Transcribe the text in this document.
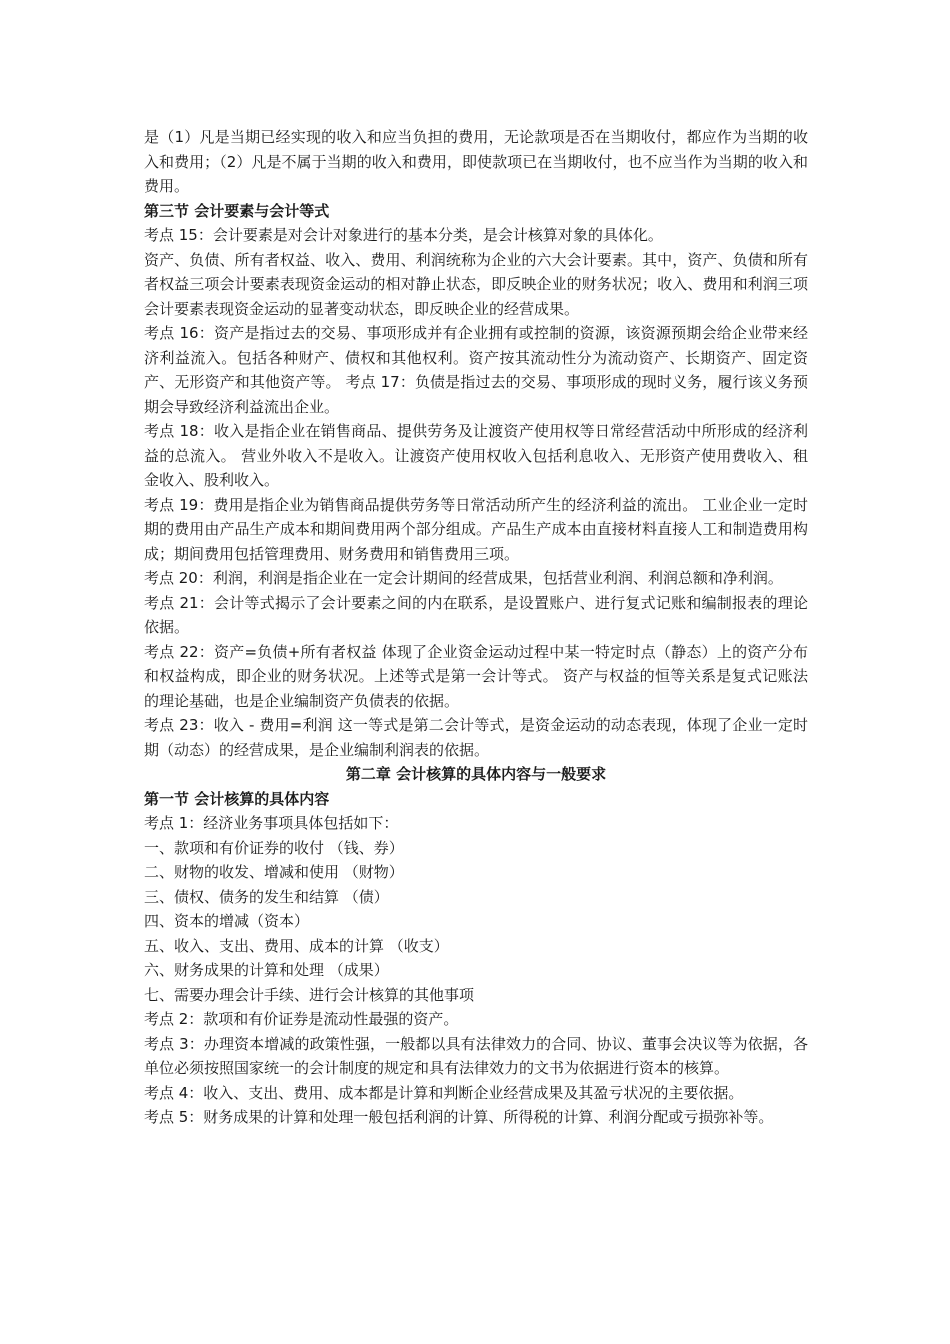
是（1）凡是当期已经实现的收入和应当负担的费用，无论款项是否在当期收付，都应作为当期的收入和费用；（2）凡是不属于当期的收入和费用，即使款项已在当期收付，也不应当作为当期的收入和费用。

第三节 会计要素与会计等式

考点 15：会计要素是对会计对象进行的基本分类，是会计核算对象的具体化。

资产、负债、所有者权益、收入、费用、利润统称为企业的六大会计要素。其中，资产、负债和所有者权益三项会计要素表现资金运动的相对静止状态，即反映企业的财务状况；收入、费用和利润三项会计要素表现资金运动的显著变动状态，即反映企业的经营成果。

考点 16：资产是指过去的交易、事项形成并有企业拥有或控制的资源，该资源预期会给企业带来经济利益流入。包括各种财产、债权和其他权利。资产按其流动性分为流动资产、长期资产、固定资产、无形资产和其他资产等。 考点 17：负债是指过去的交易、事项形成的现时义务，履行该义务预期会导致经济利益流出企业。

考点 18：收入是指企业在销售商品、提供劳务及让渡资产使用权等日常经营活动中所形成的经济利益的总流入。 营业外收入不是收入。让渡资产使用权收入包括利息收入、无形资产使用费收入、租金收入、股利收入。

考点 19：费用是指企业为销售商品提供劳务等日常活动所产生的经济利益的流出。 工业企业一定时期的费用由产品生产成本和期间费用两个部分组成。产品生产成本由直接材料直接人工和制造费用构成；期间费用包括管理费用、财务费用和销售费用三项。

考点 20：利润，利润是指企业在一定会计期间的经营成果，包括营业利润、利润总额和净利润。

考点 21：会计等式揭示了会计要素之间的内在联系，是设置账户、进行复式记账和编制报表的理论依据。

考点 22：资产=负债+所有者权益 体现了企业资金运动过程中某一特定时点（静态）上的资产分布和权益构成，即企业的财务状况。上述等式是第一会计等式。 资产与权益的恒等关系是复式记账法的理论基础，也是企业编制资产负债表的依据。

考点 23：收入 - 费用=利润 这一等式是第二会计等式，是资金运动的动态表现，体现了企业一定时期（动态）的经营成果，是企业编制利润表的依据。

第二章 会计核算的具体内容与一般要求

第一节 会计核算的具体内容

考点 1：经济业务事项具体包括如下：

一、款项和有价证券的收付 （钱、券）

二、财物的收发、增减和使用 （财物）

三、债权、债务的发生和结算 （债）

四、资本的增减（资本）

五、收入、支出、费用、成本的计算 （收支）

六、财务成果的计算和处理 （成果）

七、需要办理会计手续、进行会计核算的其他事项

考点 2：款项和有价证券是流动性最强的资产。

考点 3：办理资本增减的政策性强，一般都以具有法律效力的合同、协议、董事会决议等为依据，各单位必须按照国家统一的会计制度的规定和具有法律效力的文书为依据进行资本的核算。

考点 4：收入、支出、费用、成本都是计算和判断企业经营成果及其盈亏状况的主要依据。

考点 5：财务成果的计算和处理一般包括利润的计算、所得税的计算、利润分配或亏损弥补等。
